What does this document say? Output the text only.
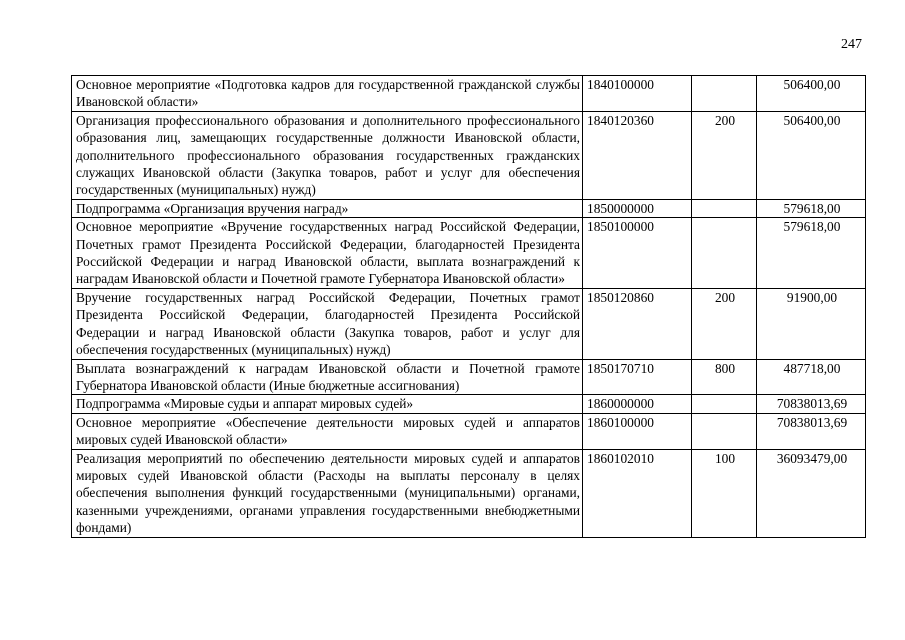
247
Основное мероприятие «Подготовка кадров для государственной гражданской службы Ивановской области»	1840100000		506400,00
Организация профессионального образования и дополнительного профессионального образования лиц, замещающих государственные должности Ивановской области, дополнительного профессионального образования государственных гражданских служащих Ивановской области (Закупка товаров, работ и услуг для обеспечения государственных (муниципальных) нужд)	1840120360	200	506400,00
Подпрограмма «Организация вручения наград»	1850000000		579618,00
Основное мероприятие «Вручение государственных наград Российской Федерации, Почетных грамот Президента Российской Федерации, благодарностей Президента Российской Федерации и наград Ивановской области, выплата вознаграждений к наградам Ивановской области и Почетной грамоте Губернатора Ивановской области»	1850100000		579618,00
Вручение государственных наград Российской Федерации, Почетных грамот Президента Российской Федерации, благодарностей Президента Российской Федерации и наград Ивановской области (Закупка товаров, работ и услуг для обеспечения государственных (муниципальных) нужд)	1850120860	200	91900,00
Выплата вознаграждений к наградам Ивановской области и Почетной грамоте Губернатора Ивановской области (Иные бюджетные ассигнования)	1850170710	800	487718,00
Подпрограмма «Мировые судьи и аппарат мировых судей»	1860000000		70838013,69
Основное мероприятие «Обеспечение деятельности мировых судей и аппаратов мировых судей Ивановской области»	1860100000		70838013,69
Реализация мероприятий по обеспечению деятельности мировых судей и аппаратов мировых судей Ивановской области (Расходы на выплаты персоналу в целях обеспечения выполнения функций государственными (муниципальными) органами, казенными учреждениями, органами управления государственными внебюджетными фондами)	1860102010	100	36093479,00
